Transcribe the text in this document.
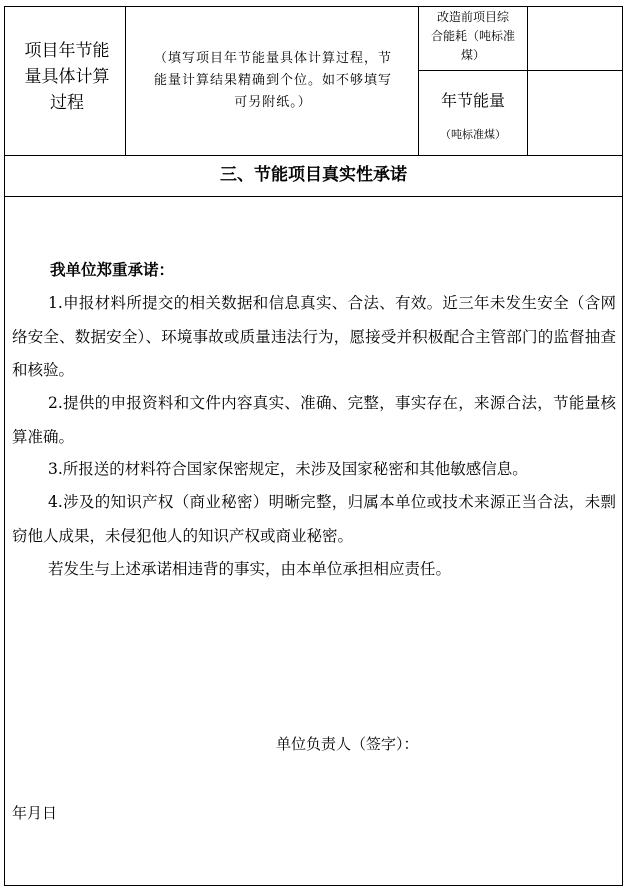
项目年节能
量具体计算
过程
（填写项目年节能量具体计算过程，节
能量计算结果精确到个位。如不够填写
可另附纸。）
改造前项目综
合能耗（吨标准
煤）
年节能量
（吨标准煤）
三、节能项目真实性承诺
我单位郑重承诺：
1.申报材料所提交的相关数据和信息真实、合法、有效。近三年未发生安全（含网络安全、数据安全）、环境事故或质量违法行为，愿接受并积极配合主管部门的监督抽查和核验。
2.提供的申报资料和文件内容真实、准确、完整，事实存在，来源合法，节能量核算准确。
3.所报送的材料符合国家保密规定，未涉及国家秘密和其他敏感信息。
4.涉及的知识产权（商业秘密）明晰完整，归属本单位或技术来源正当合法，未剽窃他人成果，未侵犯他人的知识产权或商业秘密。
若发生与上述承诺相违背的事实，由本单位承担相应责任。
单位负责人（签字）：
年月日
